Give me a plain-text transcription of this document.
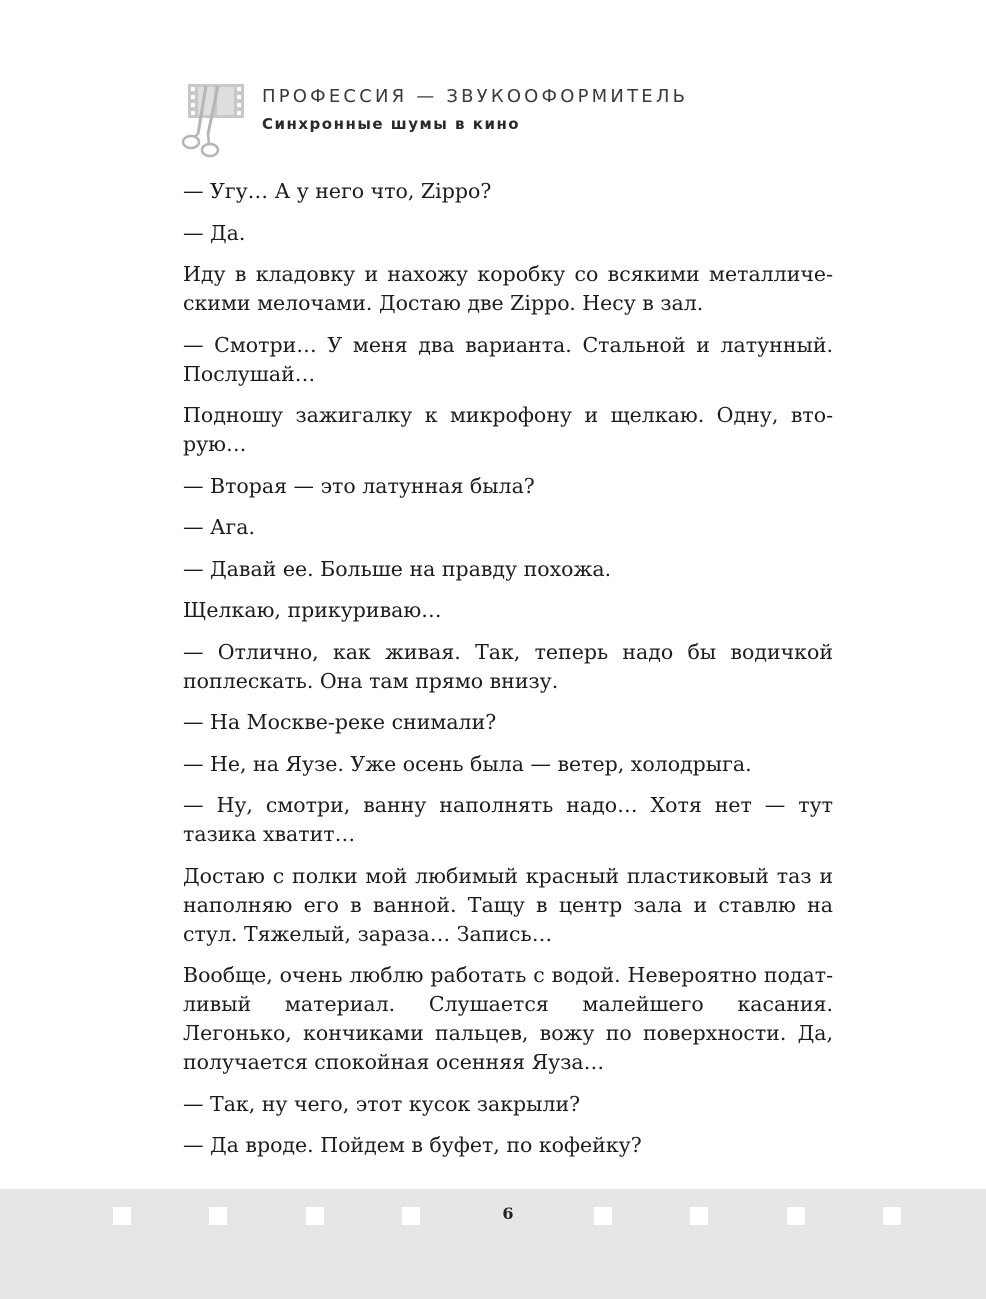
ПРОФЕССИЯ — ЗВУКООФОРМИТЕЛЬ
Синхронные шумы в кино

— Угу… А у него что, Zippo?

— Да.

Иду в кладовку и нахожу коробку со всякими металлическими мелочами. Достаю две Zippo. Несу в зал.

— Смотри… У меня два варианта. Стальной и латунный. Послушай…

Подношу зажигалку к микрофону и щелкаю. Одну, вторую…

— Вторая — это латунная была?

— Ага.

— Давай ее. Больше на правду похожа.

Щелкаю, прикуриваю…

— Отлично, как живая. Так, теперь надо бы водичкой поплескать. Она там прямо внизу.

— На Москве-реке снимали?

— Не, на Яузе. Уже осень была — ветер, холодрыга.

— Ну, смотри, ванну наполнять надо… Хотя нет — тут тазика хватит…

Достаю с полки мой любимый красный пластиковый таз и наполняю его в ванной. Тащу в центр зала и ставлю на стул. Тяжелый, зараза… Запись…

Вообще, очень люблю работать с водой. Невероятно податливый материал. Слушается малейшего касания. Легонько, кончиками пальцев, вожу по поверхности. Да, получается спокойная осенняя Яуза…

— Так, ну чего, этот кусок закрыли?

— Да вроде. Пойдем в буфет, по кофейку?

6
